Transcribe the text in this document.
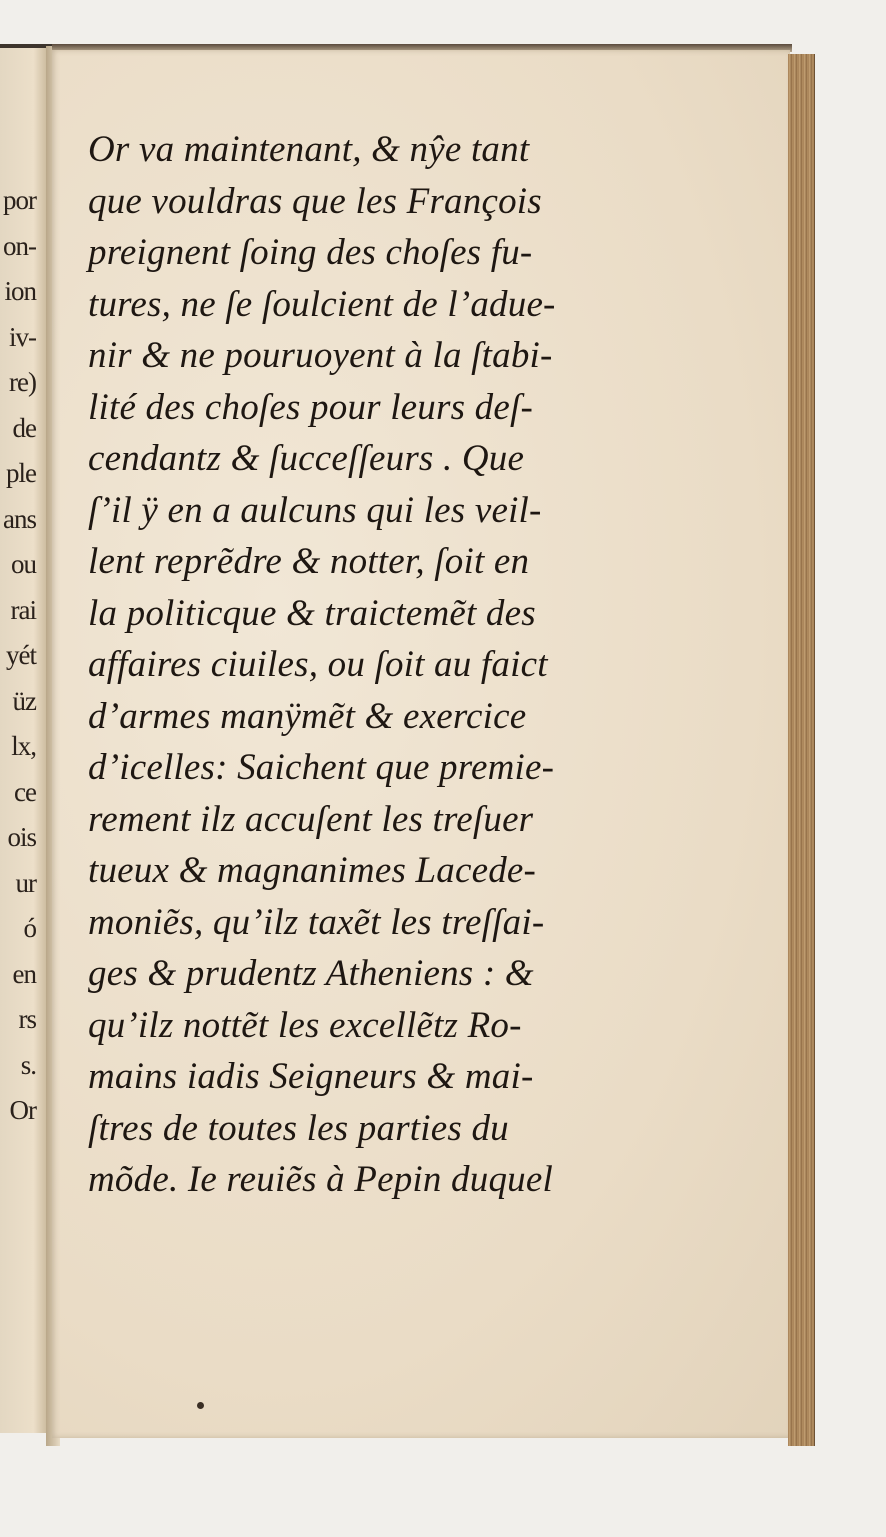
por
on-
ion
iv-
re)
de
ple
ans
ou
rai
yét
üz
lx,
ce
ois
ur
ó
en
rs
s.
Or
Or va maintenant, & nŷe tant
que vouldras que les François
preignent ſoing des choſes fu-
tures, ne ſe ſoulcient de l’adue-
nir & ne pouruoyent à la ſtabi-
lité des choſes pour leurs deſ-
cendantz & ſucceſſeurs . Que
ſ’il ÿ en a aulcuns qui les veil-
lent reprẽdre & notter, ſoit en
la politicque & traictemẽt des
affaires ciuiles, ou ſoit au faict
d’armes manÿmẽt & exercice
d’icelles: Saichent que premie-
rement ilz accuſent les treſuer
tueux & magnanimes Lacede-
moniẽs, qu’ilz taxẽt les treſſai-
ges & prudentz Atheniens : &
qu’ilz nottẽt les excellẽtz Ro-
mains iadis Seigneurs & mai-
ſtres de toutes les parties du
mõde. Ie reuiẽs à Pepin duquel
